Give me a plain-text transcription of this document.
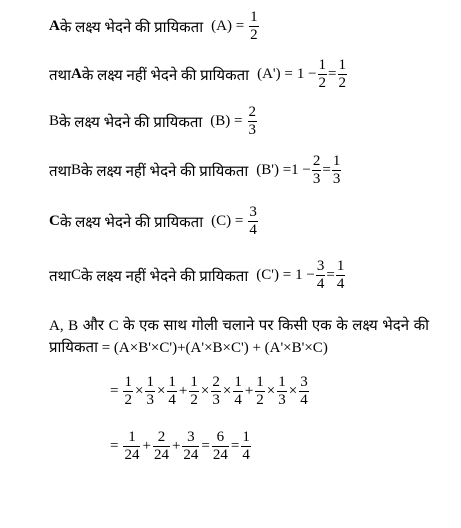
A के लक्ष्य भेदने की प्रायिकता $(A) = \frac{1}{2}$
तथा A के लक्ष्य नहीं भेदने की प्रायिकता $(A') = 1 - \frac{1}{2} = \frac{1}{2}$
B के लक्ष्य भेदने की प्रायिकता $(B) = \frac{2}{3}$
तथा B के लक्ष्य नहीं भेदने की प्रायिकता $(B') = 1 - \frac{2}{3} = \frac{1}{3}$
C के लक्ष्य भेदने की प्रायिकता $(C) = \frac{3}{4}$
तथा C के लक्ष्य नहीं भेदने की प्रायिकता $(C') = 1 - \frac{3}{4} = \frac{1}{4}$
A, B और C के एक साथ गोली चलाने पर किसी एक के लक्ष्य भेदने की प्रायिकता = (A×B'×C')+(A'×B×C') + (A'×B'×C)
= $\frac{1}{2} \times \frac{1}{3} \times \frac{1}{4} + \frac{1}{2} \times \frac{2}{3} \times \frac{1}{4} + \frac{1}{2} \times \frac{1}{3} \times \frac{3}{4}$
= $\frac{1}{24} + \frac{2}{24} + \frac{3}{24} = \frac{6}{24} = \frac{1}{4}$
